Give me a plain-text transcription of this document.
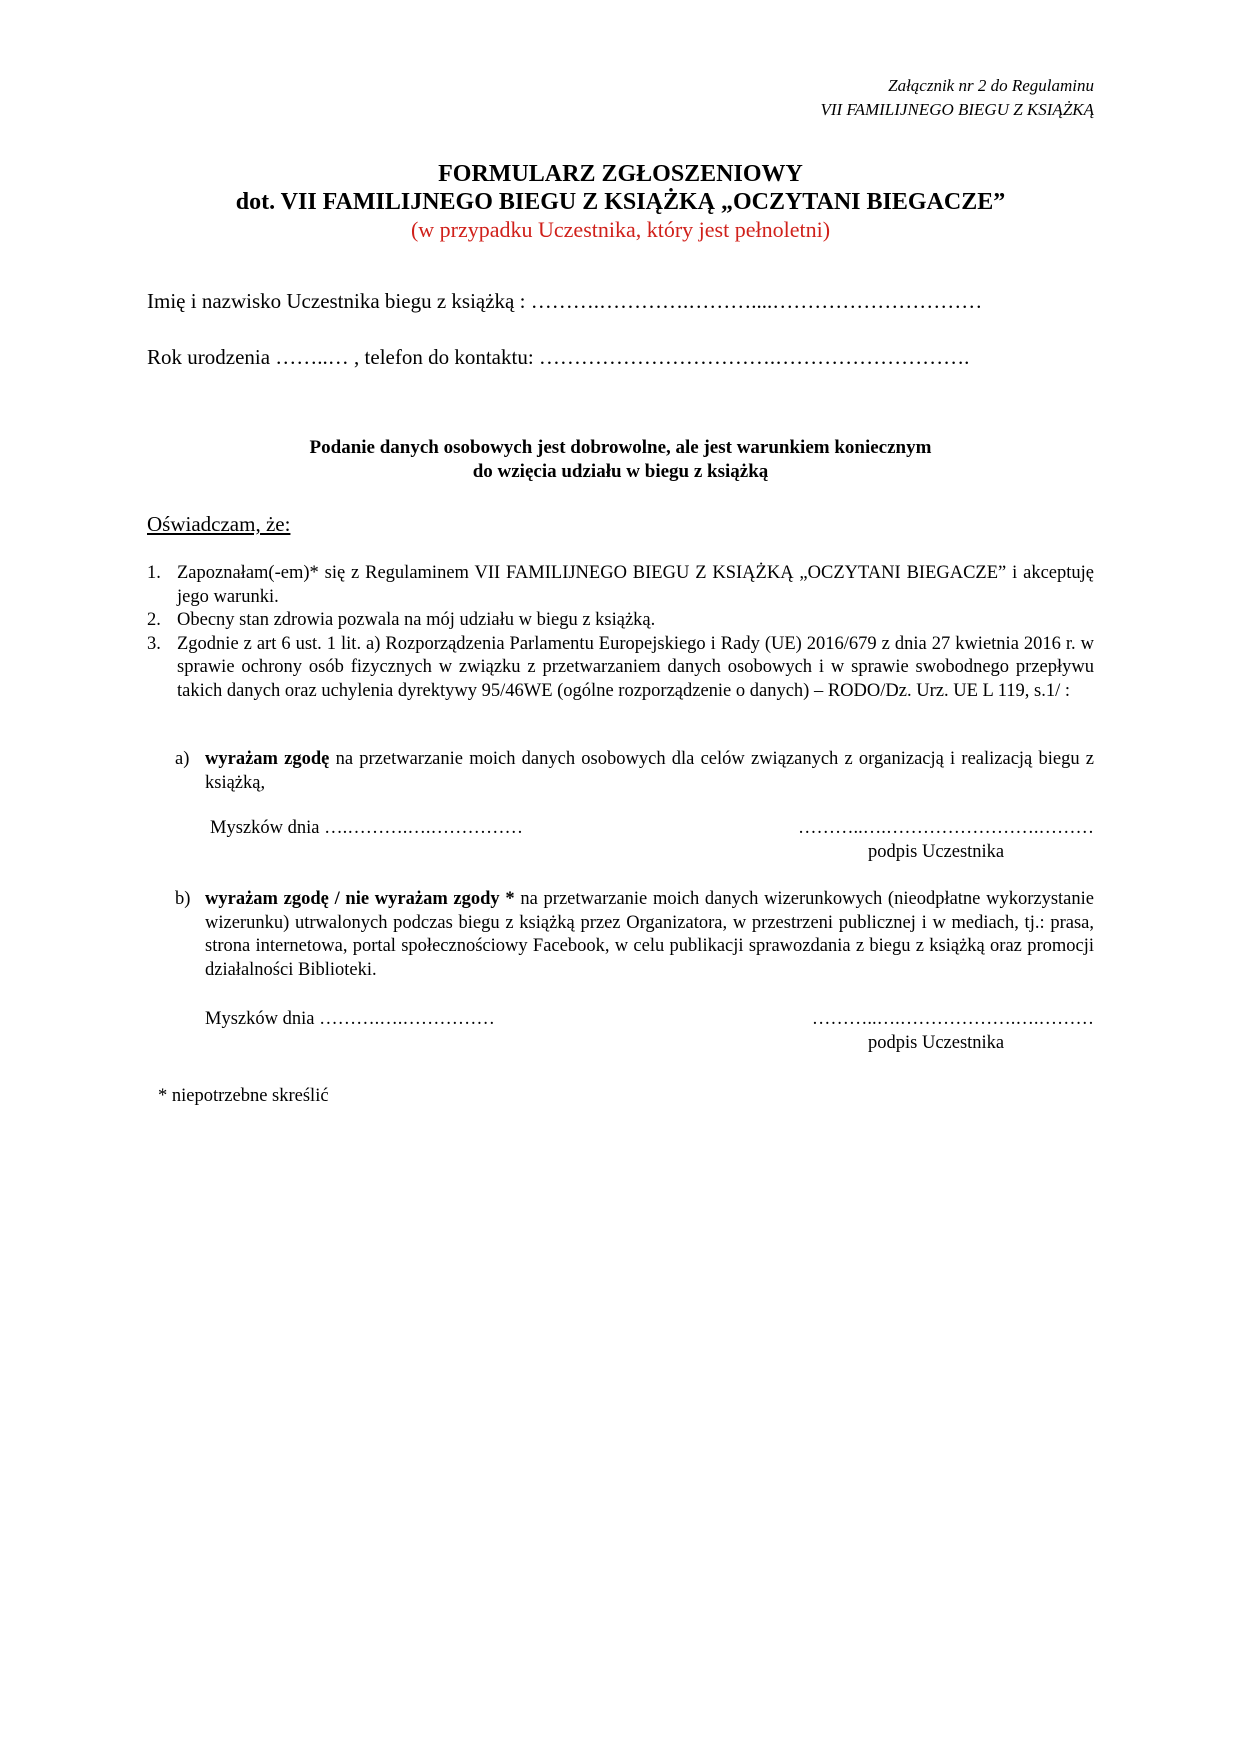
Załącznik nr 2 do Regulaminu
VII FAMILIJNEGO BIEGU Z KSIĄŻKĄ
FORMULARZ ZGŁOSZENIOWY
dot. VII FAMILIJNEGO BIEGU Z KSIĄŻKĄ „OCZYTANI BIEGACZE”
(w przypadku Uczestnika, który jest pełnoletni)
Imię i nazwisko Uczestnika biegu z książką : ……….………….………....…………………………
Rok urodzenia ……..… , telefon do kontaktu: …………………………….……………………….
Podanie danych osobowych jest dobrowolne, ale jest warunkiem koniecznym
do wzięcia udziału w biegu z książką
Oświadczam, że:
1. Zapoznałam(-em)* się z Regulaminem VII FAMILIJNEGO BIEGU Z KSIĄŻKĄ „OCZYTANI BIEGACZE” i akceptuję jego warunki.
2. Obecny stan zdrowia pozwala na mój udziału w biegu z książką.
3. Zgodnie z art 6 ust. 1 lit. a) Rozporządzenia Parlamentu Europejskiego i Rady (UE) 2016/679 z dnia 27 kwietnia 2016 r. w sprawie ochrony osób fizycznych w związku z przetwarzaniem danych osobowych i w sprawie swobodnego przepływu takich danych oraz uchylenia dyrektywy 95/46WE (ogólne rozporządzenie o danych) – RODO/Dz. Urz. UE L 119, s.1/ :
a) wyrażam zgodę na przetwarzanie moich danych osobowych dla celów związanych z organizacją i realizacją biegu z książką,
Myszków dnia ….……….….……………	………..….…………………….………
podpis Uczestnika
b) wyrażam zgodę / nie wyrażam zgody * na przetwarzanie moich danych wizerunkowych (nieodpłatne wykorzystanie wizerunku) utrwalonych podczas biegu z książką przez Organizatora, w przestrzeni publicznej i w mediach, tj.: prasa, strona internetowa, portal społecznościowy Facebook, w celu publikacji sprawozdania z biegu z książką oraz promocji działalności Biblioteki.
Myszków dnia ……….….……………	………..….……………….….………
podpis Uczestnika
* niepotrzebne skreślić
